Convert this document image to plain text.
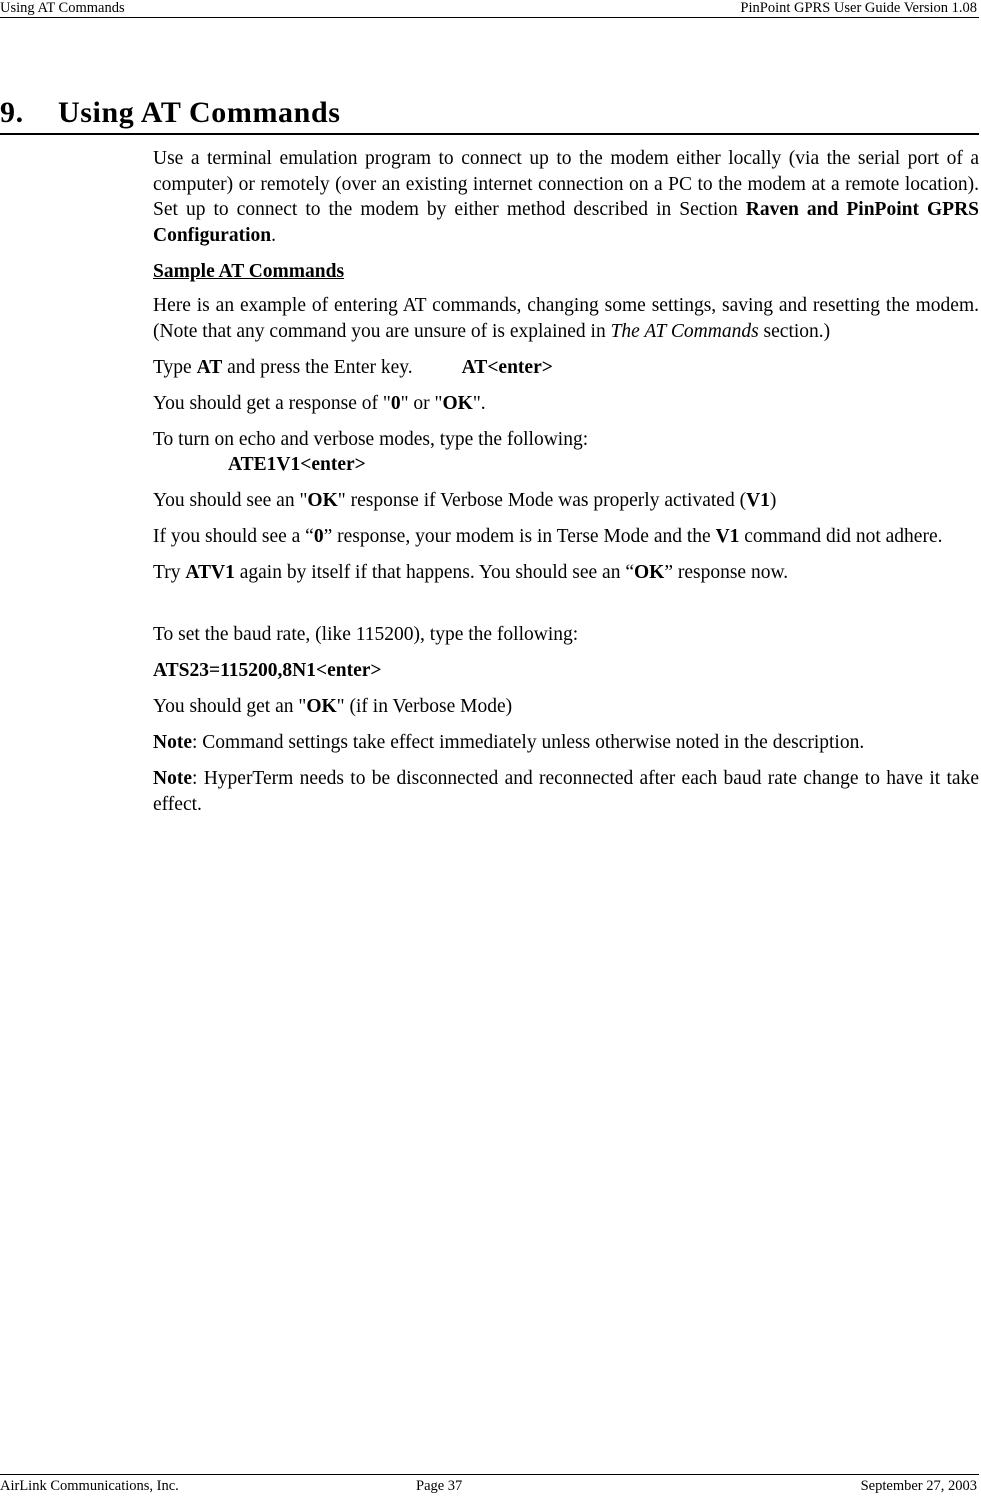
Using AT Commands	PinPoint GPRS User Guide Version 1.08
9. Using AT Commands

Use a terminal emulation program to connect up to the modem either locally (via the serial port of a computer) or remotely (over an existing internet connection on a PC to the modem at a remote location). Set up to connect to the modem by either method described in Section Raven and PinPoint GPRS Configuration.

Sample AT Commands

Here is an example of entering AT commands, changing some settings, saving and resetting the modem. (Note that any command you are unsure of is explained in The AT Commands section.)

Type AT and press the Enter key.	AT<enter>

You should get a response of "0" or "OK".

To turn on echo and verbose modes, type the following:
ATE1V1<enter>

You should see an "OK" response if Verbose Mode was properly activated (V1)

If you should see a “0” response, your modem is in Terse Mode and the V1 command did not adhere.

Try ATV1 again by itself if that happens. You should see an “OK” response now.

To set the baud rate, (like 115200), type the following:

ATS23=115200,8N1<enter>

You should get an "OK" (if in Verbose Mode)

Note: Command settings take effect immediately unless otherwise noted in the description.

Note: HyperTerm needs to be disconnected and reconnected after each baud rate change to have it take effect.

AirLink Communications, Inc.	Page 37	September 27, 2003
